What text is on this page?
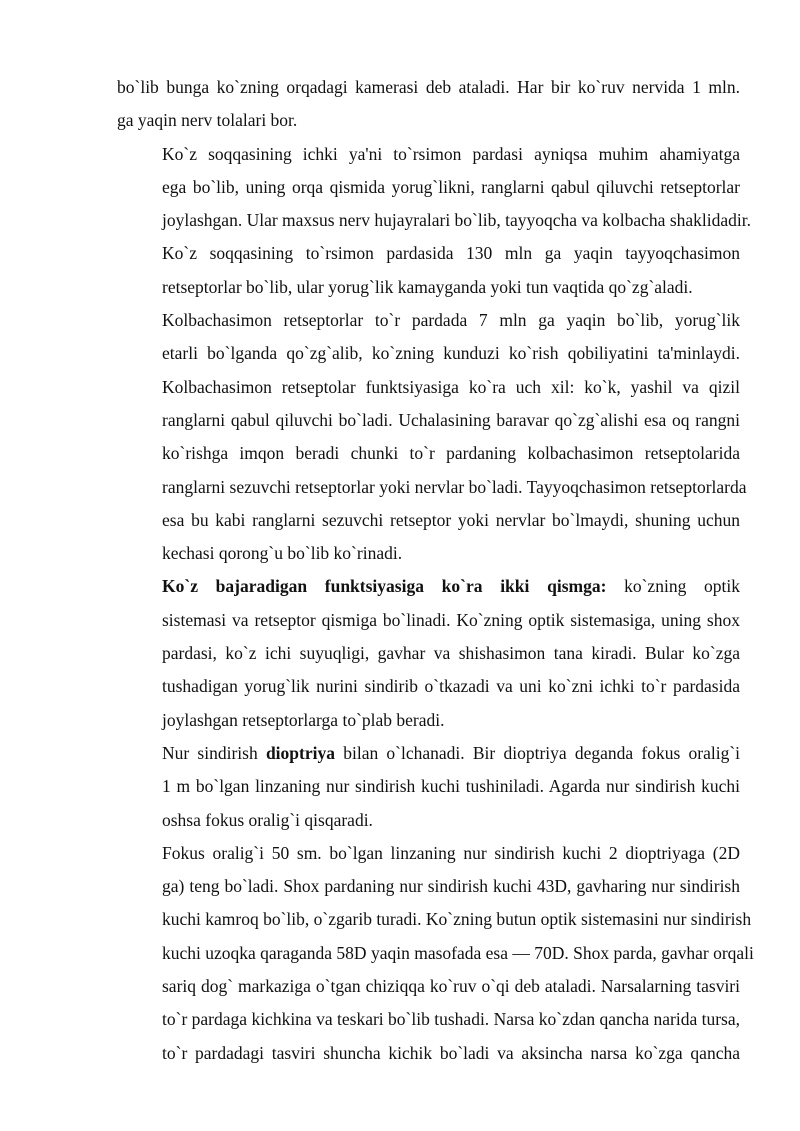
bo`lib bunga ko`zning orqadagi kamerasi deb ataladi. Har bir ko`ruv nervida 1 mln.
ga yaqin nerv tolalari bor.
Ko`z soqqasining ichki ya'ni to`rsimon pardasi ayniqsa muhim ahamiyatga
ega bo`lib, uning orqa qismida yorug`likni, ranglarni qabul qiluvchi retseptorlar
joylashgan. Ular maxsus nerv hujayralari bo`lib, tayyoqcha va kolbacha shaklidadir.
Ko`z soqqasining to`rsimon pardasida 130 mln ga yaqin tayyoqchasimon
retseptorlar bo`lib, ular yorug`lik kamayganda yoki tun vaqtida qo`zg`aladi.
Kolbachasimon retseptorlar to`r pardada 7 mln ga yaqin bo`lib, yorug`lik
etarli bo`lganda qo`zg`alib, ko`zning kunduzi ko`rish qobiliyatini ta'minlaydi.
Kolbachasimon retseptolar funktsiyasiga ko`ra uch xil: ko`k, yashil va qizil
ranglarni qabul qiluvchi bo`ladi. Uchalasining baravar qo`zg`alishi esa oq rangni
ko`rishga imqon beradi chunki to`r pardaning kolbachasimon retseptolarida
ranglarni sezuvchi retseptorlar yoki nervlar bo`ladi. Tayyoqchasimon retseptorlarda
esa bu kabi ranglarni sezuvchi retseptor yoki nervlar bo`lmaydi, shuning uchun
kechasi qorong`u bo`lib ko`rinadi.
Ko`z bajaradigan funktsiyasiga ko`ra ikki qismga: ko`zning optik
sistemasi va retseptor qismiga bo`linadi. Ko`zning optik sistemasiga, uning shox
pardasi, ko`z ichi suyuqligi, gavhar va shishasimon tana kiradi. Bular ko`zga
tushadigan yorug`lik nurini sindirib o`tkazadi va uni ko`zni ichki to`r pardasida
joylashgan retseptorlarga to`plab beradi.
Nur sindirish dioptriya bilan o`lchanadi. Bir dioptriya deganda fokus oralig`i
1 m bo`lgan linzaning nur sindirish kuchi tushiniladi. Agarda nur sindirish kuchi
oshsa fokus oralig`i qisqaradi.
Fokus oralig`i 50 sm. bo`lgan linzaning nur sindirish kuchi 2 dioptriyaga (2D
ga) teng bo`ladi. Shox pardaning nur sindirish kuchi 43D, gavharing nur sindirish
kuchi kamroq bo`lib, o`zgarib turadi. Ko`zning butun optik sistemasini nur sindirish
kuchi uzoqka qaraganda 58D yaqin masofada esa — 70D. Shox parda, gavhar orqali
sariq dog` markaziga o`tgan chiziqqa ko`ruv o`qi deb ataladi. Narsalarning tasviri
to`r pardaga kichkina va teskari bo`lib tushadi. Narsa ko`zdan qancha narida tursa,
to`r pardadagi tasviri shuncha kichik bo`ladi va aksincha narsa ko`zga qancha
